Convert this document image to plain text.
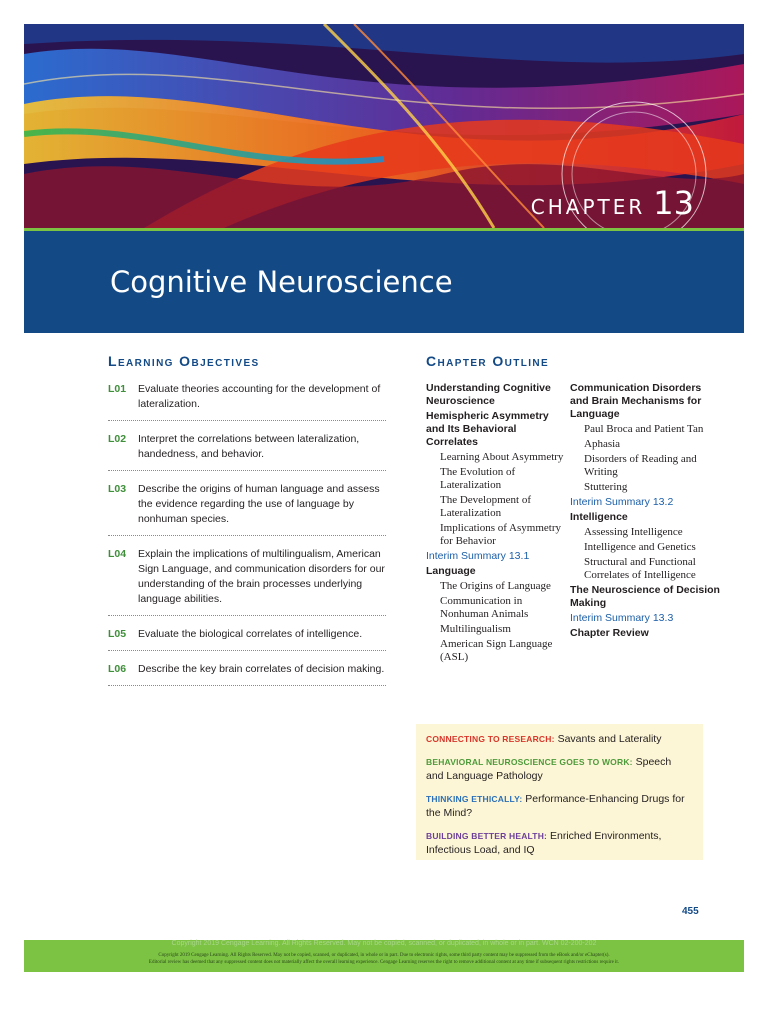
CHAPTER 13
Cognitive Neuroscience
Learning Objectives
L01	Evaluate theories accounting for the development of lateralization.
L02	Interpret the correlations between lateralization, handedness, and behavior.
L03	Describe the origins of human language and assess the evidence regarding the use of language by nonhuman species.
L04	Explain the implications of multilingualism, American Sign Language, and communication disorders for our understanding of the brain processes underlying language abilities.
L05	Evaluate the biological correlates of intelligence.
L06	Describe the key brain correlates of decision making.
Chapter Outline

Understanding Cognitive Neuroscience

Hemispheric Asymmetry and Its Behavioral Correlates

Learning About Asymmetry

The Evolution of Lateralization

The Development of Lateralization

Implications of Asymmetry for Behavior

Interim Summary 13.1

Language

The Origins of Language

Communication in Nonhuman Animals

Multilingualism

American Sign Language (ASL)

Communication Disorders and Brain Mechanisms for Language

Paul Broca and Patient Tan

Aphasia

Disorders of Reading and Writing

Stuttering

Interim Summary 13.2

Intelligence

Assessing Intelligence

Intelligence and Genetics

Structural and Functional Correlates of Intelligence

The Neuroscience of Decision Making

Interim Summary 13.3

Chapter Review

CONNECTING TO RESEARCH: Savants and Laterality

BEHAVIORAL NEUROSCIENCE GOES TO WORK: Speech and Language Pathology

THINKING ETHICALLY: Performance-Enhancing Drugs for the Mind?

BUILDING BETTER HEALTH: Enriched Environments, Infectious Load, and IQ

455
Copyright 2019 Cengage Learning. All Rights Reserved. May not be copied, scanned, or duplicated, in whole or in part. WCN 02-200-202
Copyright 2019 Cengage Learning. All Rights Reserved. May not be copied, scanned, or duplicated, in whole or in part. Due to electronic rights, some third party content may be suppressed from the eBook and/or eChapter(s).
Editorial review has deemed that any suppressed content does not materially affect the overall learning experience. Cengage Learning reserves the right to remove additional content at any time if subsequent rights restrictions require it.
